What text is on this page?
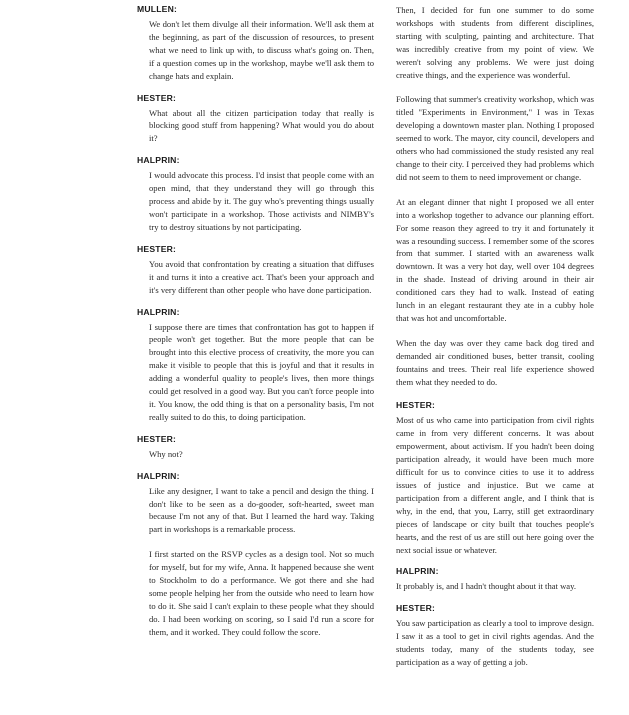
MULLEN:
We don't let them divulge all their information. We'll ask them at the beginning, as part of the discussion of resources, to present what we need to link up with, to discuss what's going on. Then, if a question comes up in the workshop, maybe we'll ask them to change hats and explain.
HESTER:
What about all the citizen participation today that really is blocking good stuff from happening? What would you do about it?
HALPRIN:
I would advocate this process. I'd insist that people come with an open mind, that they understand they will go through this process and abide by it. The guy who's preventing things usually won't participate in a workshop. Those activists and NIMBY's try to destroy situations by not participating.
HESTER:
You avoid that confrontation by creating a situation that diffuses it and turns it into a creative act. That's been your approach and it's very different than other people who have done participation.
HALPRIN:
I suppose there are times that confrontation has got to happen if people won't get together. But the more people that can be brought into this elective process of creativity, the more you can make it visible to people that this is joyful and that it results in adding a wonderful quality to people's lives, then more things could get resolved in a good way. But you can't force people into it. You know, the odd thing is that on a personality basis, I'm not really suited to do this, to doing participation.
HESTER:
Why not?
HALPRIN:
Like any designer, I want to take a pencil and design the thing. I don't like to be seen as a do-gooder, soft-hearted, sweet man because I'm not any of that. But I learned the hard way. Taking part in workshops is a remarkable process.
I first started on the RSVP cycles as a design tool. Not so much for myself, but for my wife, Anna. It happened because she went to Stockholm to do a performance. We got there and she had some people helping her from the outside who need to learn how to do it. She said I can't explain to these people what they should do. I had been working on scoring, so I said I'd run a score for them, and it worked. They could follow the score.
Then, I decided for fun one summer to do some workshops with students from different disciplines, starting with sculpting, painting and architecture. That was incredibly creative from my point of view. We weren't solving any problems. We were just doing creative things, and the experience was wonderful.
Following that summer's creativity workshop, which was titled "Experiments in Environment," I was in Texas developing a downtown master plan. Nothing I proposed seemed to work. The mayor, city council, developers and others who had commissioned the study resisted any real change to their city. I perceived they had problems which did not seem to them to need improvement or change.
At an elegant dinner that night I proposed we all enter into a workshop together to advance our planning effort. For some reason they agreed to try it and fortunately it was a resounding success. I remember some of the scores from that summer. I started with an awareness walk downtown. It was a very hot day, well over 104 degrees in the shade. Instead of driving around in their air conditioned cars they had to walk. Instead of eating lunch in an elegant restaurant they ate in a cubby hole that was hot and uncomfortable.
When the day was over they came back dog tired and demanded air conditioned buses, better transit, cooling fountains and trees. Their real life experience showed them what they needed to do.
HESTER:
Most of us who came into participation from civil rights came in from very different concerns. It was about empowerment, about activism. If you hadn't been doing participation already, it would have been much more difficult for us to convince cities to use it to address issues of justice and injustice. But we came at participation from a different angle, and I think that is why, in the end, that you, Larry, still get extraordinary pieces of landscape or city built that touches people's hearts, and the rest of us are still out here going over the next social issue or whatever.
HALPRIN:
It probably is, and I hadn't thought about it that way.
HESTER:
You saw participation as clearly a tool to improve design. I saw it as a tool to get in civil rights agendas. And the students today, many of the students today, see participation as a way of getting a job.
